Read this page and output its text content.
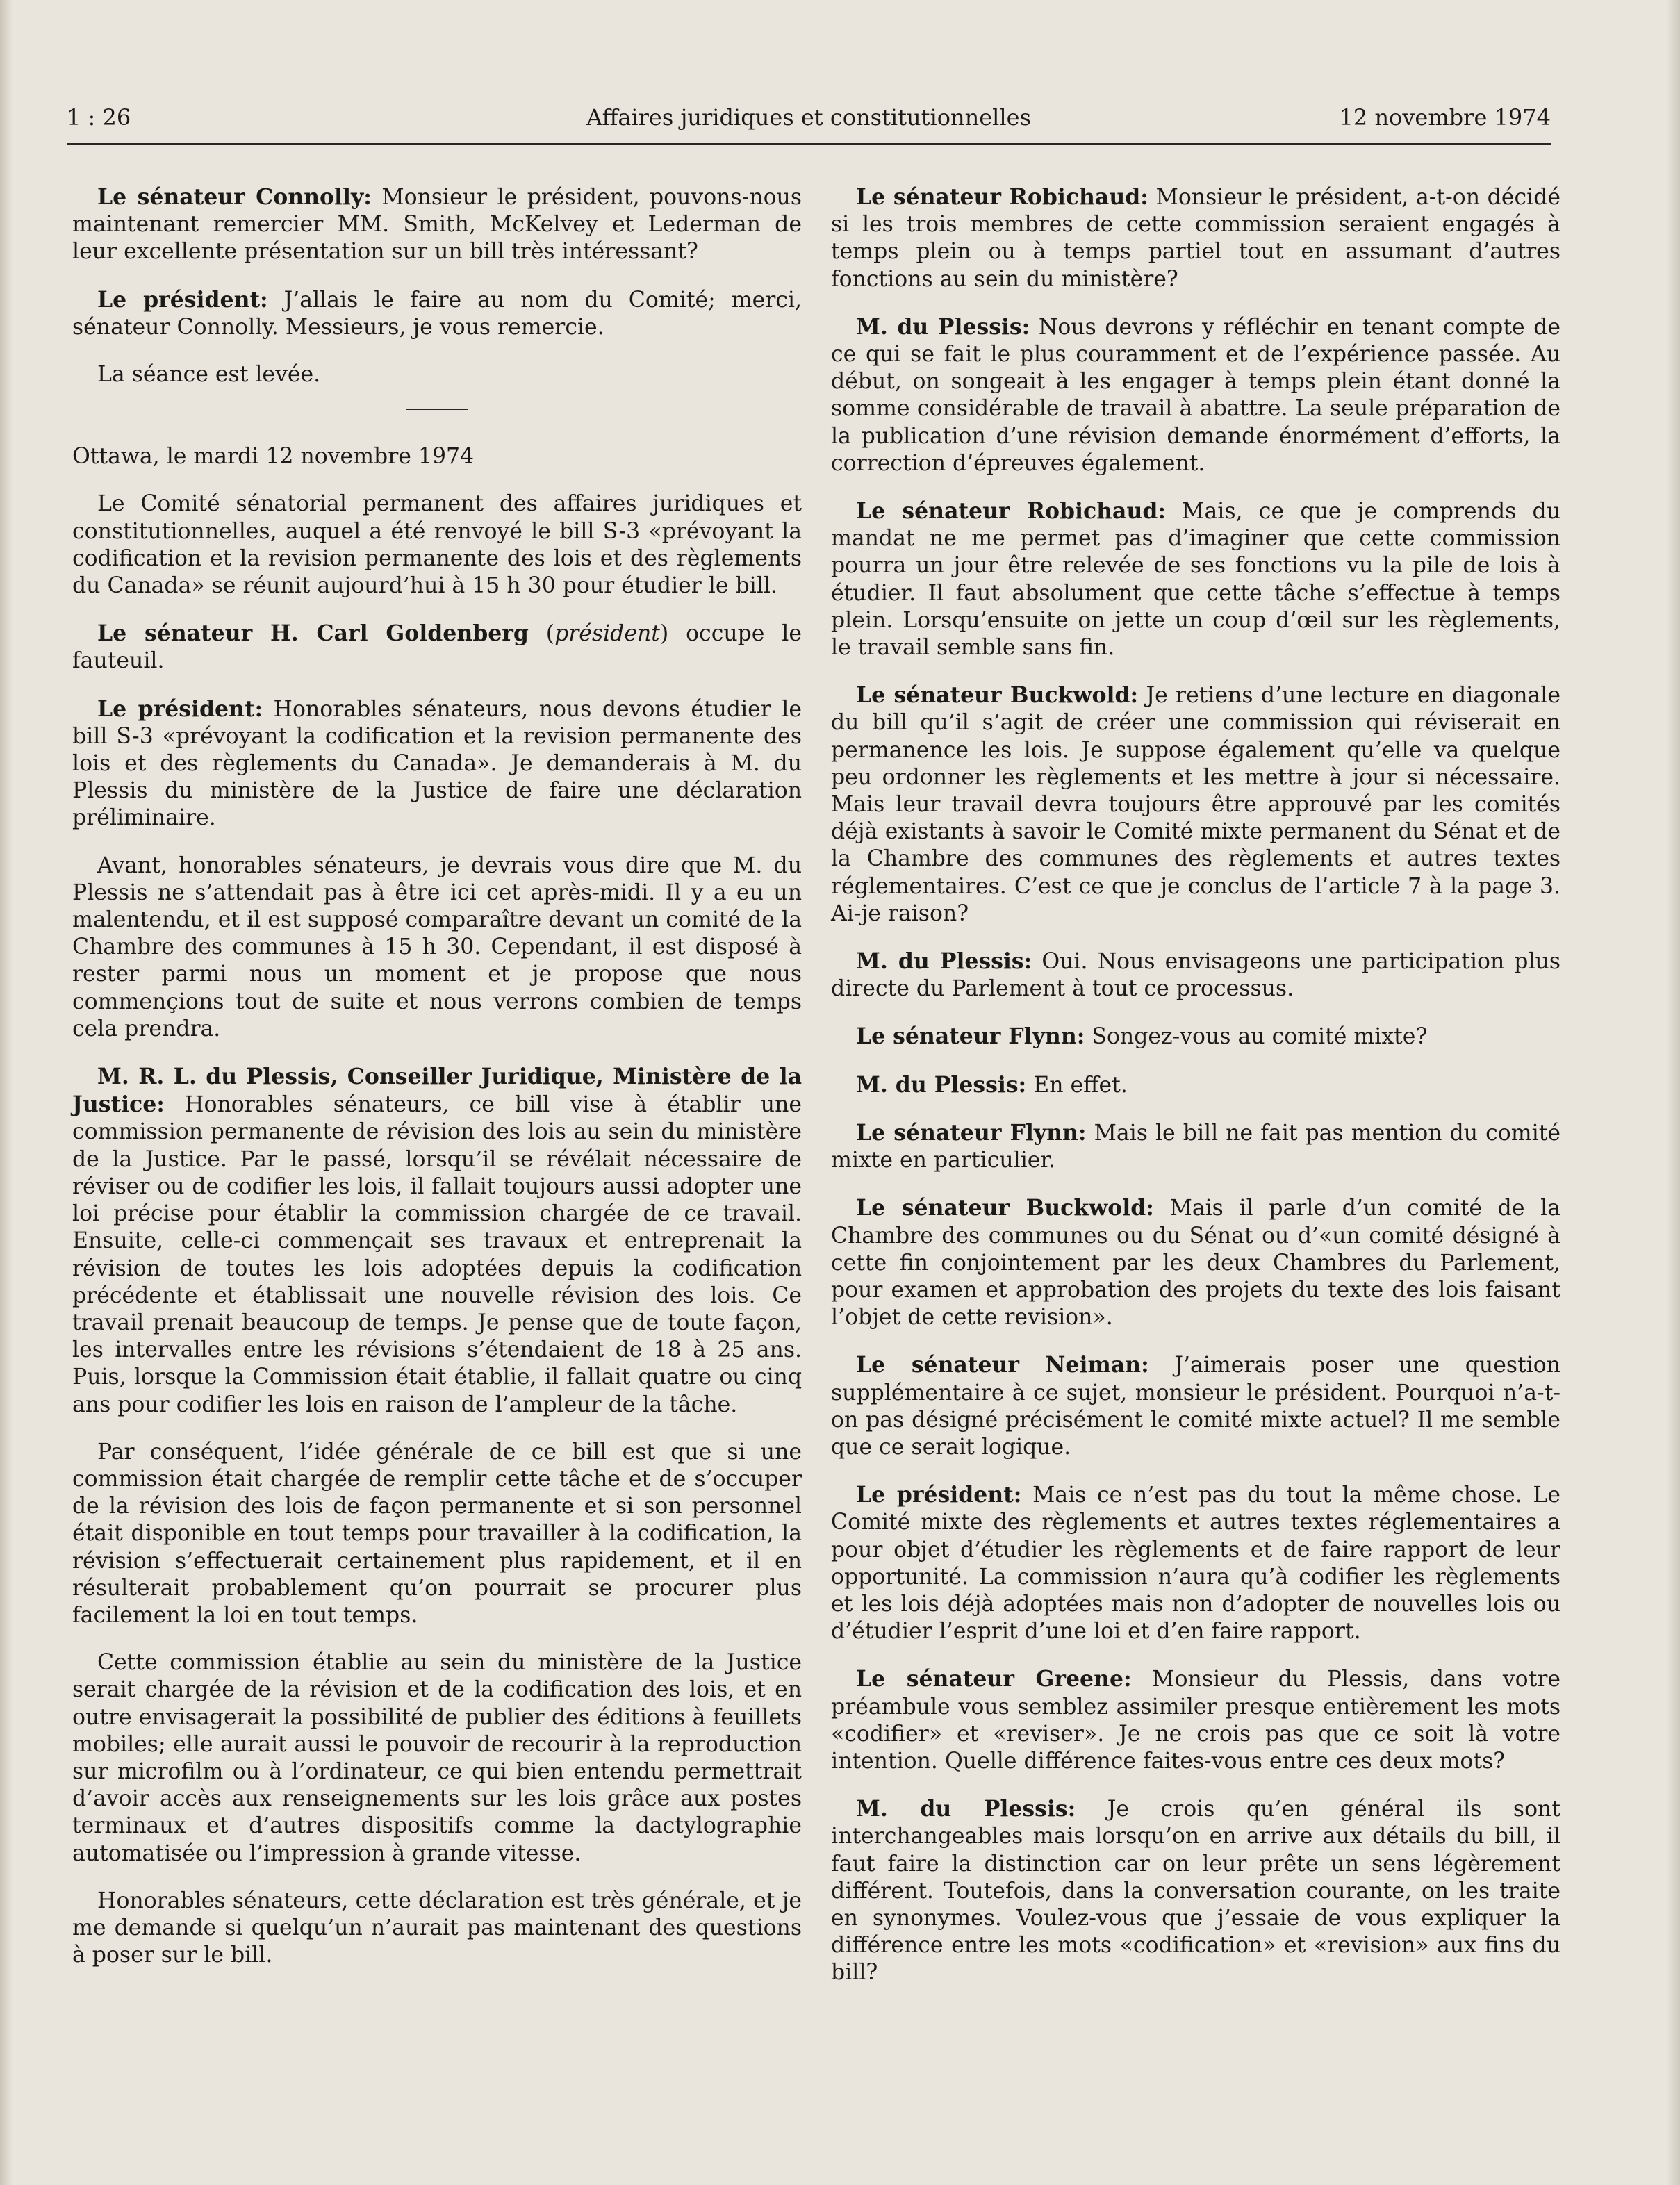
1 : 26	Affaires juridiques et constitutionnelles	12 novembre 1974

Le sénateur Connolly: Monsieur le président, pouvons-nous maintenant remercier MM. Smith, McKelvey et Lederman de leur excellente présentation sur un bill très intéressant?

Le président: J’allais le faire au nom du Comité; merci, sénateur Connolly. Messieurs, je vous remercie.

La séance est levée.

Ottawa, le mardi 12 novembre 1974

Le Comité sénatorial permanent des affaires juridiques et constitutionnelles, auquel a été renvoyé le bill S-3 «prévoyant la codification et la revision permanente des lois et des règlements du Canada» se réunit aujourd’hui à 15 h 30 pour étudier le bill.

Le sénateur H. Carl Goldenberg (président) occupe le fauteuil.

Le président: Honorables sénateurs, nous devons étudier le bill S-3 «prévoyant la codification et la revision permanente des lois et des règlements du Canada». Je demanderais à M. du Plessis du ministère de la Justice de faire une déclaration préliminaire.

Avant, honorables sénateurs, je devrais vous dire que M. du Plessis ne s’attendait pas à être ici cet après-midi. Il y a eu un malentendu, et il est supposé comparaître devant un comité de la Chambre des communes à 15 h 30. Cependant, il est disposé à rester parmi nous un moment et je propose que nous commençions tout de suite et nous verrons combien de temps cela prendra.

M. R. L. du Plessis, Conseiller Juridique, Ministère de la Justice: Honorables sénateurs, ce bill vise à établir une commission permanente de révision des lois au sein du ministère de la Justice. Par le passé, lorsqu’il se révélait nécessaire de réviser ou de codifier les lois, il fallait toujours aussi adopter une loi précise pour établir la commission chargée de ce travail. Ensuite, celle-ci commençait ses travaux et entreprenait la révision de toutes les lois adoptées depuis la codification précédente et établissait une nouvelle révision des lois. Ce travail prenait beaucoup de temps. Je pense que de toute façon, les intervalles entre les révisions s’étendaient de 18 à 25 ans. Puis, lorsque la Commission était établie, il fallait quatre ou cinq ans pour codifier les lois en raison de l’ampleur de la tâche.

Par conséquent, l’idée générale de ce bill est que si une commission était chargée de remplir cette tâche et de s’occuper de la révision des lois de façon permanente et si son personnel était disponible en tout temps pour travailler à la codification, la révision s’effectuerait certainement plus rapidement, et il en résulterait probablement qu’on pourrait se procurer plus facilement la loi en tout temps.

Cette commission établie au sein du ministère de la Justice serait chargée de la révision et de la codification des lois, et en outre envisagerait la possibilité de publier des éditions à feuillets mobiles; elle aurait aussi le pouvoir de recourir à la reproduction sur microfilm ou à l’ordinateur, ce qui bien entendu permettrait d’avoir accès aux renseignements sur les lois grâce aux postes terminaux et d’autres dispositifs comme la dactylographie automatisée ou l’impression à grande vitesse.

Honorables sénateurs, cette déclaration est très générale, et je me demande si quelqu’un n’aurait pas maintenant des questions à poser sur le bill.

Le sénateur Robichaud: Monsieur le président, a-t-on décidé si les trois membres de cette commission seraient engagés à temps plein ou à temps partiel tout en assumant d’autres fonctions au sein du ministère?

M. du Plessis: Nous devrons y réfléchir en tenant compte de ce qui se fait le plus couramment et de l’expérience passée. Au début, on songeait à les engager à temps plein étant donné la somme considérable de travail à abattre. La seule préparation de la publication d’une révision demande énormément d’efforts, la correction d’épreuves également.

Le sénateur Robichaud: Mais, ce que je comprends du mandat ne me permet pas d’imaginer que cette commission pourra un jour être relevée de ses fonctions vu la pile de lois à étudier. Il faut absolument que cette tâche s’effectue à temps plein. Lorsqu’ensuite on jette un coup d’œil sur les règlements, le travail semble sans fin.

Le sénateur Buckwold: Je retiens d’une lecture en diagonale du bill qu’il s’agit de créer une commission qui réviserait en permanence les lois. Je suppose également qu’elle va quelque peu ordonner les règlements et les mettre à jour si nécessaire. Mais leur travail devra toujours être approuvé par les comités déjà existants à savoir le Comité mixte permanent du Sénat et de la Chambre des communes des règlements et autres textes réglementaires. C’est ce que je conclus de l’article 7 à la page 3. Ai-je raison?

M. du Plessis: Oui. Nous envisageons une participation plus directe du Parlement à tout ce processus.

Le sénateur Flynn: Songez-vous au comité mixte?

M. du Plessis: En effet.

Le sénateur Flynn: Mais le bill ne fait pas mention du comité mixte en particulier.

Le sénateur Buckwold: Mais il parle d’un comité de la Chambre des communes ou du Sénat ou d’«un comité désigné à cette fin conjointement par les deux Chambres du Parlement, pour examen et approbation des projets du texte des lois faisant l’objet de cette revision».

Le sénateur Neiman: J’aimerais poser une question supplémentaire à ce sujet, monsieur le président. Pourquoi n’a-t-on pas désigné précisément le comité mixte actuel? Il me semble que ce serait logique.

Le président: Mais ce n’est pas du tout la même chose. Le Comité mixte des règlements et autres textes réglementaires a pour objet d’étudier les règlements et de faire rapport de leur opportunité. La commission n’aura qu’à codifier les règlements et les lois déjà adoptées mais non d’adopter de nouvelles lois ou d’étudier l’esprit d’une loi et d’en faire rapport.

Le sénateur Greene: Monsieur du Plessis, dans votre préambule vous semblez assimiler presque entièrement les mots «codifier» et «reviser». Je ne crois pas que ce soit là votre intention. Quelle différence faites-vous entre ces deux mots?

M. du Plessis: Je crois qu’en général ils sont interchangeables mais lorsqu’on en arrive aux détails du bill, il faut faire la distinction car on leur prête un sens légèrement différent. Toutefois, dans la conversation courante, on les traite en synonymes. Voulez-vous que j’essaie de vous expliquer la différence entre les mots «codification» et «revision» aux fins du bill?
